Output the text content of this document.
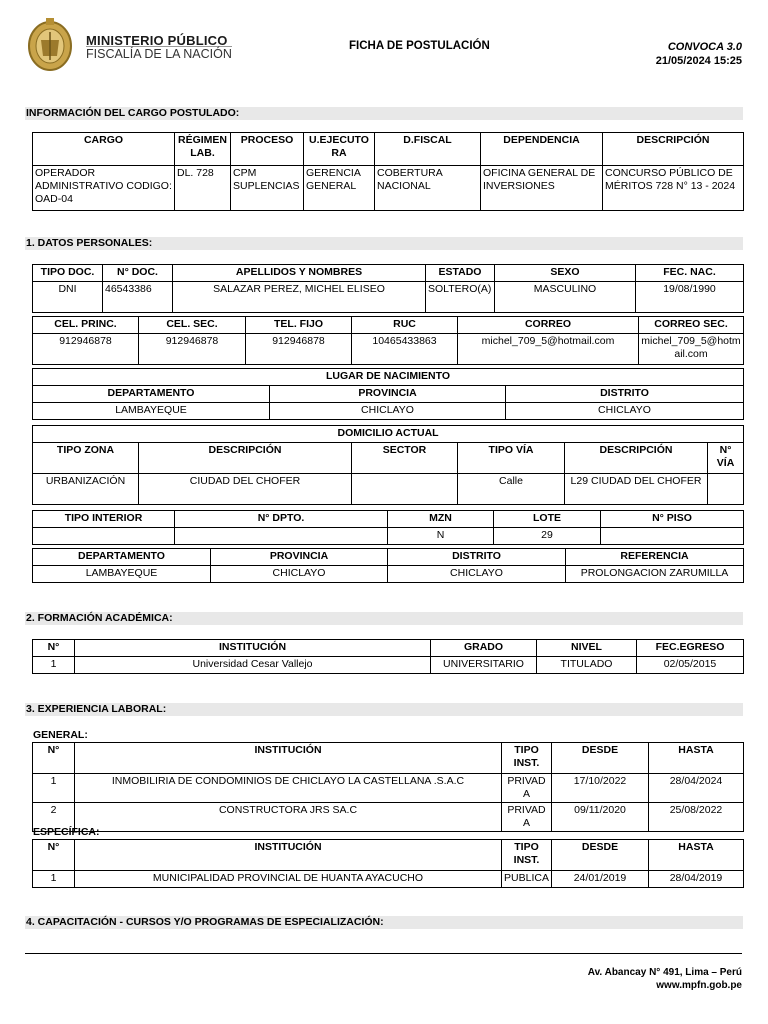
MINISTERIO PÚBLICO
FISCALÍA DE LA NACIÓN
FICHA DE POSTULACIÓN	CONVOCA 3.0
21/05/2024 15:25
INFORMACIÓN DEL CARGO POSTULADO:
CARGO	RÉGIMEN LAB.	PROCESO	U.EJECUTORA	D.FISCAL	DEPENDENCIA	DESCRIPCIÓN
OPERADOR ADMINISTRATIVO CODIGO: OAD-04	DL. 728	CPM SUPLENCIAS	GERENCIA GENERAL	COBERTURA NACIONAL	OFICINA GENERAL DE INVERSIONES	CONCURSO PÚBLICO DE MÉRITOS 728 N° 13 - 2024
1. DATOS PERSONALES:
TIPO DOC.	N° DOC.	APELLIDOS Y NOMBRES	ESTADO	SEXO	FEC. NAC.
DNI	46543386	SALAZAR PEREZ, MICHEL ELISEO	SOLTERO(A)	MASCULINO	19/08/1990
CEL. PRINC.	CEL. SEC.	TEL. FIJO	RUC	CORREO	CORREO SEC.
912946878	912946878	912946878	10465433863	michel_709_5@hotmail.com	michel_709_5@hotmail.com
LUGAR DE NACIMIENTO		
DEPARTAMENTO	PROVINCIA	DISTRITO
LAMBAYEQUE	CHICLAYO	CHICLAYO
DOMICILIO ACTUAL					
TIPO ZONA	DESCRIPCIÓN	SECTOR	TIPO VÍA	DESCRIPCIÓN	N° VÍA
URBANIZACIÓN	CIUDAD DEL CHOFER		Calle	L29 CIUDAD DEL CHOFER	
TIPO INTERIOR	N° DPTO.	MZN	LOTE	N° PISO
		N	29	
DEPARTAMENTO	PROVINCIA	DISTRITO	REFERENCIA
LAMBAYEQUE	CHICLAYO	CHICLAYO	PROLONGACION ZARUMILLA
2. FORMACIÓN ACADÉMICA:
N°	INSTITUCIÓN	GRADO	NIVEL	FEC.EGRESO
1	Universidad Cesar Vallejo	UNIVERSITARIO	TITULADO	02/05/2015
3. EXPERIENCIA LABORAL:
GENERAL:
N°	INSTITUCIÓN	TIPO INST.	DESDE	HASTA
1	INMOBILIRIA DE CONDOMINIOS DE CHICLAYO LA CASTELLANA .S.A.C	PRIVADA	17/10/2022	28/04/2024
2	CONSTRUCTORA JRS SA.C	PRIVADA	09/11/2020	25/08/2022
ESPECÍFICA:
N°	INSTITUCIÓN	TIPO INST.	DESDE	HASTA
1	MUNICIPALIDAD PROVINCIAL DE HUANTA AYACUCHO	PUBLICA	24/01/2019	28/04/2019
4. CAPACITACIÓN - CURSOS Y/O PROGRAMAS DE ESPECIALIZACIÓN:
Av. Abancay N° 491, Lima – Perú
www.mpfn.gob.pe
